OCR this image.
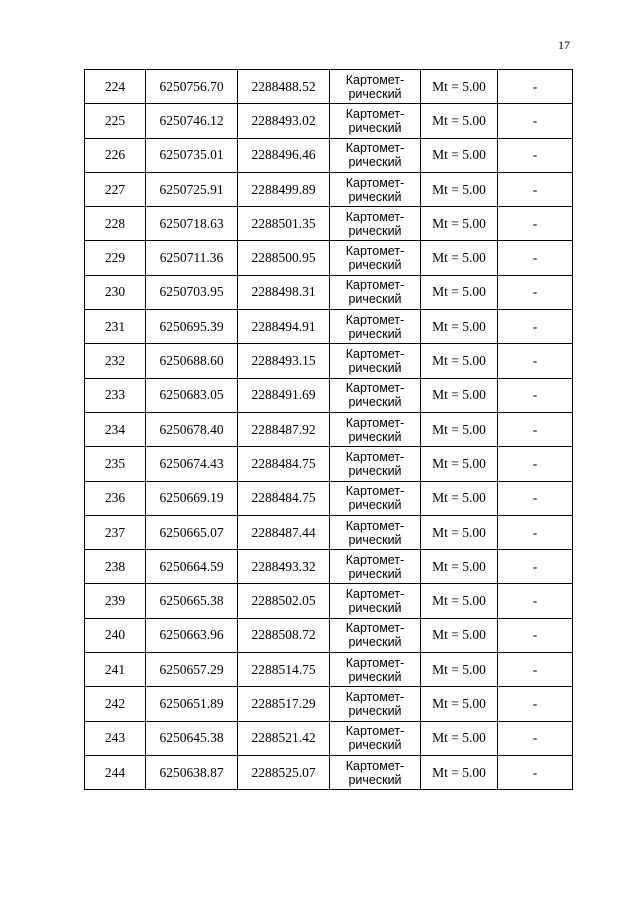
17
224	6250756.70	2288488.52	Картомет-
рический	Mt = 5.00	-
225	6250746.12	2288493.02	Картомет-
рический	Mt = 5.00	-
226	6250735.01	2288496.46	Картомет-
рический	Mt = 5.00	-
227	6250725.91	2288499.89	Картомет-
рический	Mt = 5.00	-
228	6250718.63	2288501.35	Картомет-
рический	Mt = 5.00	-
229	6250711.36	2288500.95	Картомет-
рический	Mt = 5.00	-
230	6250703.95	2288498.31	Картомет-
рический	Mt = 5.00	-
231	6250695.39	2288494.91	Картомет-
рический	Mt = 5.00	-
232	6250688.60	2288493.15	Картомет-
рический	Mt = 5.00	-
233	6250683.05	2288491.69	Картомет-
рический	Mt = 5.00	-
234	6250678.40	2288487.92	Картомет-
рический	Mt = 5.00	-
235	6250674.43	2288484.75	Картомет-
рический	Mt = 5.00	-
236	6250669.19	2288484.75	Картомет-
рический	Mt = 5.00	-
237	6250665.07	2288487.44	Картомет-
рический	Mt = 5.00	-
238	6250664.59	2288493.32	Картомет-
рический	Mt = 5.00	-
239	6250665.38	2288502.05	Картомет-
рический	Mt = 5.00	-
240	6250663.96	2288508.72	Картомет-
рический	Mt = 5.00	-
241	6250657.29	2288514.75	Картомет-
рический	Mt = 5.00	-
242	6250651.89	2288517.29	Картомет-
рический	Mt = 5.00	-
243	6250645.38	2288521.42	Картомет-
рический	Mt = 5.00	-
244	6250638.87	2288525.07	Картомет-
рический	Mt = 5.00	-
